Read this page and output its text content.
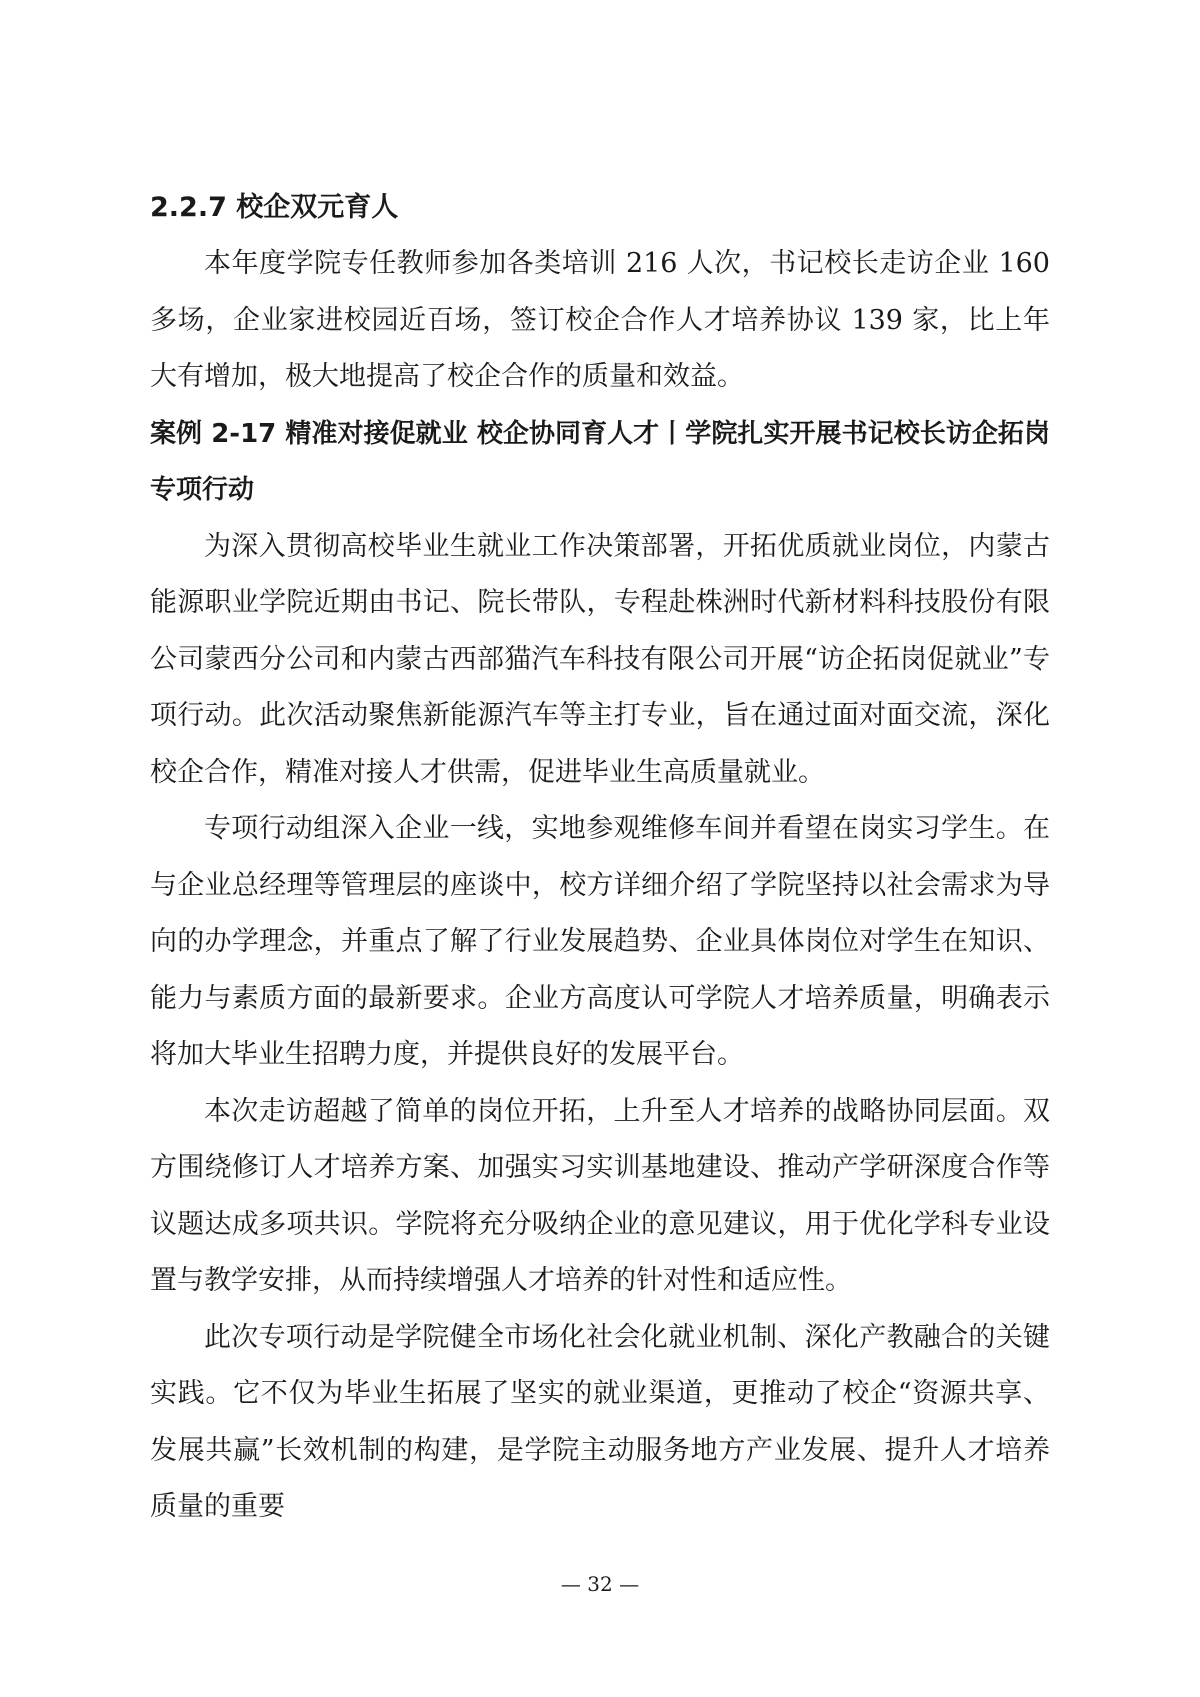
2.2.7 校企双元育人

本年度学院专任教师参加各类培训 216 人次，书记校长走访企业 160 多场，企业家进校园近百场，签订校企合作人才培养协议 139 家，比上年大有增加，极大地提高了校企合作的质量和效益。

案例 2-17 精准对接促就业 校企协同育人才丨学院扎实开展书记校长访企拓岗专项行动

为深入贯彻高校毕业生就业工作决策部署，开拓优质就业岗位，内蒙古能源职业学院近期由书记、院长带队，专程赴株洲时代新材料科技股份有限公司蒙西分公司和内蒙古西部猫汽车科技有限公司开展“访企拓岗促就业”专项行动。此次活动聚焦新能源汽车等主打专业，旨在通过面对面交流，深化校企合作，精准对接人才供需，促进毕业生高质量就业。

专项行动组深入企业一线，实地参观维修车间并看望在岗实习学生。在与企业总经理等管理层的座谈中，校方详细介绍了学院坚持以社会需求为导向的办学理念，并重点了解了行业发展趋势、企业具体岗位对学生在知识、能力与素质方面的最新要求。企业方高度认可学院人才培养质量，明确表示将加大毕业生招聘力度，并提供良好的发展平台。

本次走访超越了简单的岗位开拓，上升至人才培养的战略协同层面。双方围绕修订人才培养方案、加强实习实训基地建设、推动产学研深度合作等议题达成多项共识。学院将充分吸纳企业的意见建议，用于优化学科专业设置与教学安排，从而持续增强人才培养的针对性和适应性。

此次专项行动是学院健全市场化社会化就业机制、深化产教融合的关键实践。它不仅为毕业生拓展了坚实的就业渠道，更推动了校企“资源共享、发展共赢”长效机制的构建，是学院主动服务地方产业发展、提升人才培养质量的重要

— 32 —
